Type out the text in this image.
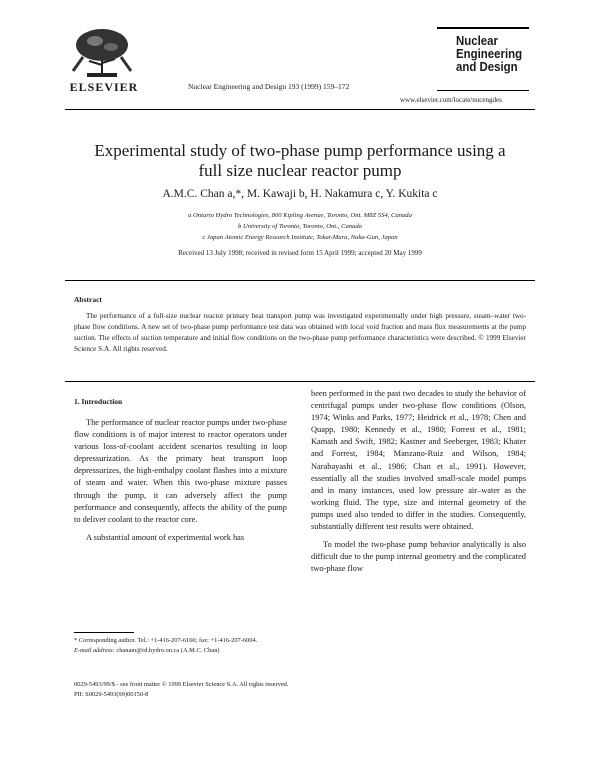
ELSEVIER	Nuclear Engineering and Design 193 (1999) 159–172
Nuclear
Engineering
and Design
www.elsevier.com/locate/nucengdes
Experimental study of two-phase pump performance using a
full size nuclear reactor pump
A.M.C. Chan a,*, M. Kawaji b, H. Nakamura c, Y. Kukita c
a Ontario Hydro Technologies, 800 Kipling Avenue, Toronto, Ont. M8Z 5S4, Canada
b University of Toronto, Toronto, Ont., Canada
c Japan Atomic Energy Research Institute, Tokai-Mura, Naka-Gun, Japan
Received 13 July 1998; received in revised form 15 April 1999; accepted 20 May 1999
Abstract
The performance of a full-size nuclear reactor primary heat transport pump was investigated experimentally under high pressure, steam–water two-phase flow conditions. A new set of two-phase pump performance test data was obtained with local void fraction and mass flux measurements at the pump suction. The effects of suction temperature and initial flow conditions on the two-phase pump performance characteristics were described. © 1999 Elsevier Science S.A. All rights reserved.
1. Introduction

The performance of nuclear reactor pumps under two-phase flow conditions is of major interest to reactor operators under various loss-of-coolant accident scenarios resulting in loop depressurization. As the primary heat transport loop depressurizes, the high-enthalpy coolant flashes into a mixture of steam and water. When this two-phase mixture passes through the pump, it can adversely affect the pump performance and consequently, affects the ability of the pump to deliver coolant to the reactor core.

A substantial amount of experimental work has

been performed in the past two decades to study the behavior of centrifugal pumps under two-phase flow conditions (Olson, 1974; Winks and Parks, 1977; Heidrick et al., 1978; Chen and Quapp, 1980; Kennedy et al., 1980; Forrest et al., 1981; Kamath and Swift, 1982; Kastner and Seeberger, 1983; Khater and Forrest, 1984; Manzano-Ruiz and Wilson, 1984; Narabayashi et al., 1986; Chan et al., 1991). However, essentially all the studies involved small-scale model pumps and in many instances, used low pressure air–water as the working fluid. The type, size and internal geometry of the pumps used also tended to differ in the studies. Consequently, substantially different test results were obtained.

To model the two-phase pump behavior analytically is also difficult due to the pump internal geometry and the complicated two-phase flow

* Corresponding author. Tel.: +1-416-207-6160; fax: +1-416-207-6004.
E-mail address: chanam@rd.hydro.on.ca (A.M.C. Chan)
0029-5493/99/$ - see front matter © 1999 Elsevier Science S.A. All rights reserved.
PII: S0029-5493(99)00150-8
